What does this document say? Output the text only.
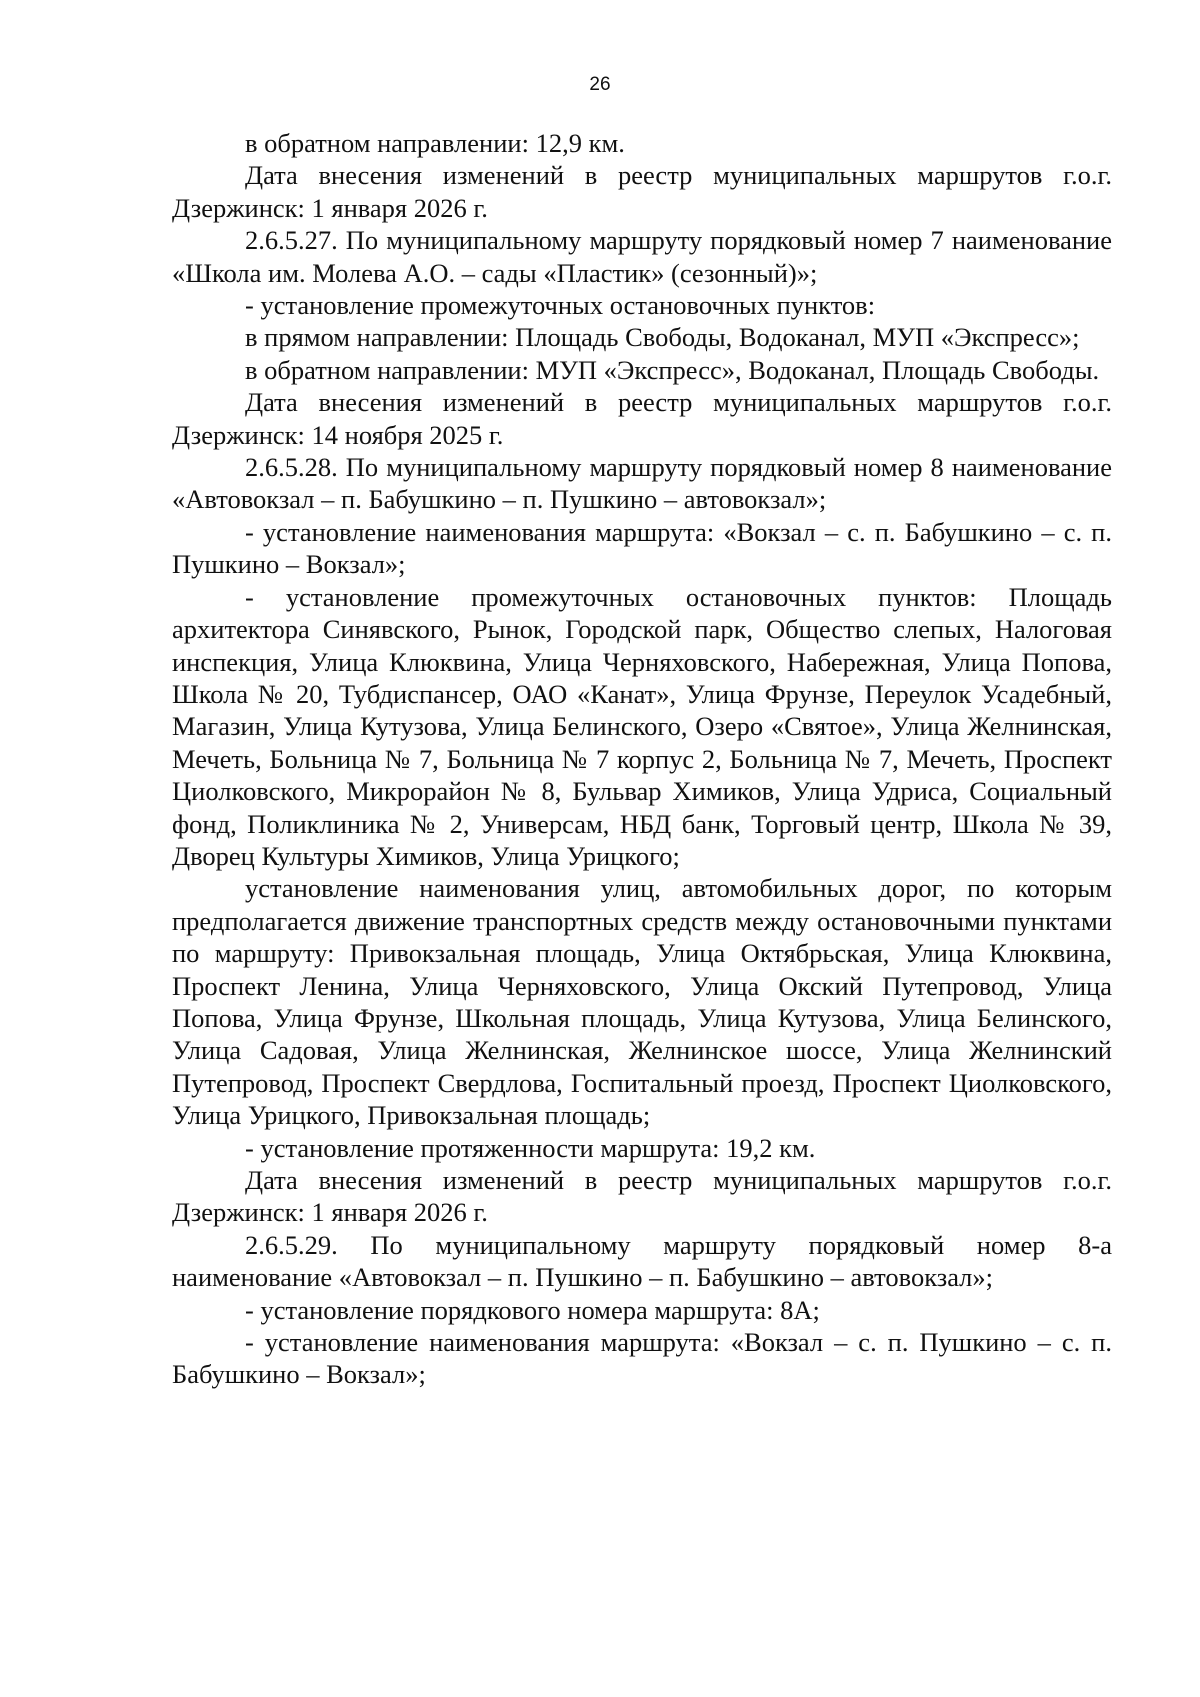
26

в обратном направлении: 12,9 км.

Дата внесения изменений в реестр муниципальных маршрутов г.о.г. Дзержинск: 1 января 2026 г.

2.6.5.27. По муниципальному маршруту порядковый номер 7 наименование «Школа им. Молева А.О. – сады «Пластик» (сезонный)»;

- установление промежуточных остановочных пунктов:

в прямом направлении: Площадь Свободы, Водоканал, МУП «Экспресс»;

в обратном направлении: МУП «Экспресс», Водоканал, Площадь Свободы.

Дата внесения изменений в реестр муниципальных маршрутов г.о.г. Дзержинск: 14 ноября 2025 г.

2.6.5.28. По муниципальному маршруту порядковый номер 8 наименование «Автовокзал – п. Бабушкино – п. Пушкино – автовокзал»;

- установление наименования маршрута: «Вокзал – с. п. Бабушкино – с. п. Пушкино – Вокзал»;

- установление промежуточных остановочных пунктов: Площадь архитектора Синявского, Рынок, Городской парк, Общество слепых, Налоговая инспекция, Улица Клюквина, Улица Черняховского, Набережная, Улица Попова, Школа № 20, Тубдиспансер, ОАО «Канат», Улица Фрунзе, Переулок Усадебный, Магазин, Улица Кутузова, Улица Белинского, Озеро «Святое», Улица Желнинская, Мечеть, Больница № 7, Больница № 7 корпус 2, Больница № 7, Мечеть, Проспект Циолковского, Микрорайон № 8, Бульвар Химиков, Улица Удриса, Социальный фонд, Поликлиника № 2, Универсам, НБД банк, Торговый центр, Школа № 39, Дворец Культуры Химиков, Улица Урицкого;

установление наименования улиц, автомобильных дорог, по которым предполагается движение транспортных средств между остановочными пунктами по маршруту: Привокзальная площадь, Улица Октябрьская, Улица Клюквина, Проспект Ленина, Улица Черняховского, Улица Окский Путепровод, Улица Попова, Улица Фрунзе, Школьная площадь, Улица Кутузова, Улица Белинского, Улица Садовая, Улица Желнинская, Желнинское шоссе, Улица Желнинский Путепровод, Проспект Свердлова, Госпитальный проезд, Проспект Циолковского, Улица Урицкого, Привокзальная площадь;

- установление протяженности маршрута: 19,2 км.

Дата внесения изменений в реестр муниципальных маршрутов г.о.г. Дзержинск: 1 января 2026 г.

2.6.5.29. По муниципальному маршруту порядковый номер 8-а наименование «Автовокзал – п. Пушкино – п. Бабушкино – автовокзал»;

- установление порядкового номера маршрута: 8А;

- установление наименования маршрута: «Вокзал – с. п. Пушкино – с. п. Бабушкино – Вокзал»;
